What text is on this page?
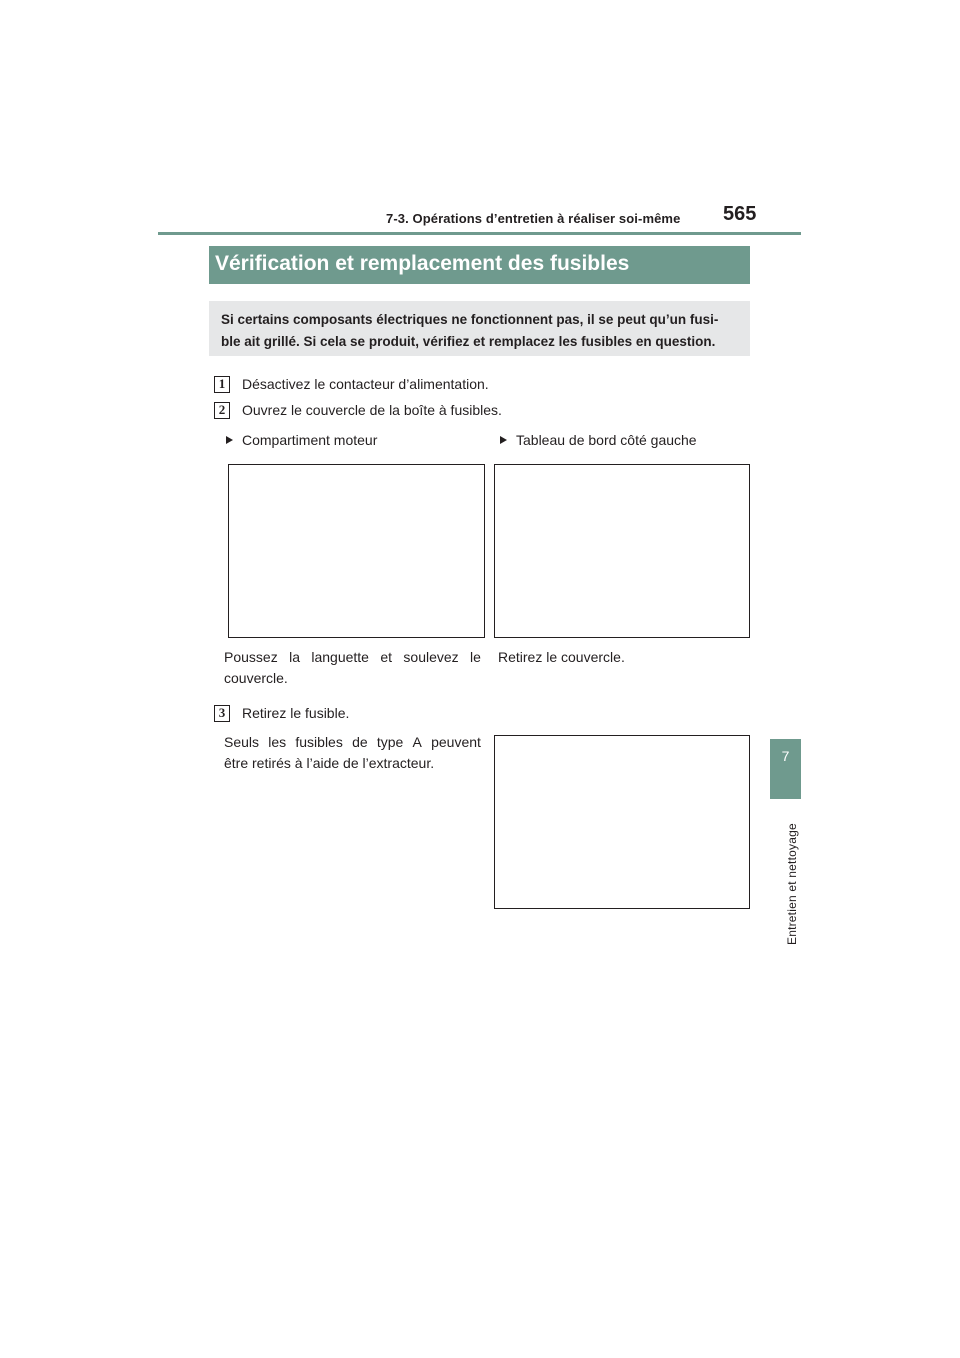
7-3. Opérations d’entretien à réaliser soi-même 565
7
Entretien et nettoyage
Vérification et remplacement des fusibles
Si certains composants électriques ne fonctionnent pas, il se peut qu’un fusi-
ble ait grillé. Si cela se produit, vérifiez et remplacez les fusibles en question.
1	Désactivez le contacteur d’alimentation.
2	Ouvrez le couvercle de la boîte à fusibles.
Compartiment moteur	Tableau de bord côté gauche
Poussez la languette et soulevez le
couvercle.
Retirez le couvercle.
3	Retirez le fusible.
Seuls les fusibles de type A peuvent
être retirés à l’aide de l’extracteur.
